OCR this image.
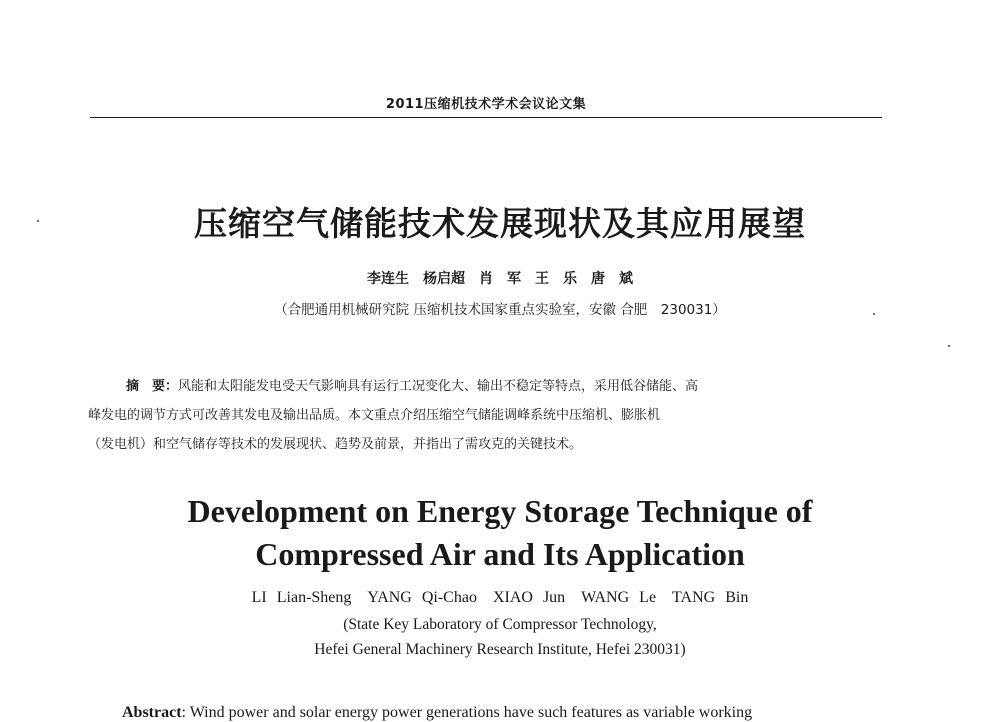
2011压缩机技术学术会议论文集
压缩空气储能技术发展现状及其应用展望
李连生　杨启超　肖　军　王　乐　唐　斌
（合肥通用机械研究院 压缩机技术国家重点实验室，安徽 合肥　230031）
摘　要：风能和太阳能发电受天气影响具有运行工况变化大、输出不稳定等特点，采用低谷储能、高
峰发电的调节方式可改善其发电及输出品质。本文重点介绍压缩空气储能调峰系统中压缩机、膨胀机
（发电机）和空气储存等技术的发展现状、趋势及前景，并指出了需攻克的关键技术。
Development on Energy Storage Technique of
Compressed Air and Its Application
LI Lian-Sheng　YANG Qi-Chao　XIAO Jun　WANG Le　TANG Bin
(State Key Laboratory of Compressor Technology,
Hefei General Machinery Research Institute, Hefei 230031)
Abstract: Wind power and solar energy power generations have such features as variable working
